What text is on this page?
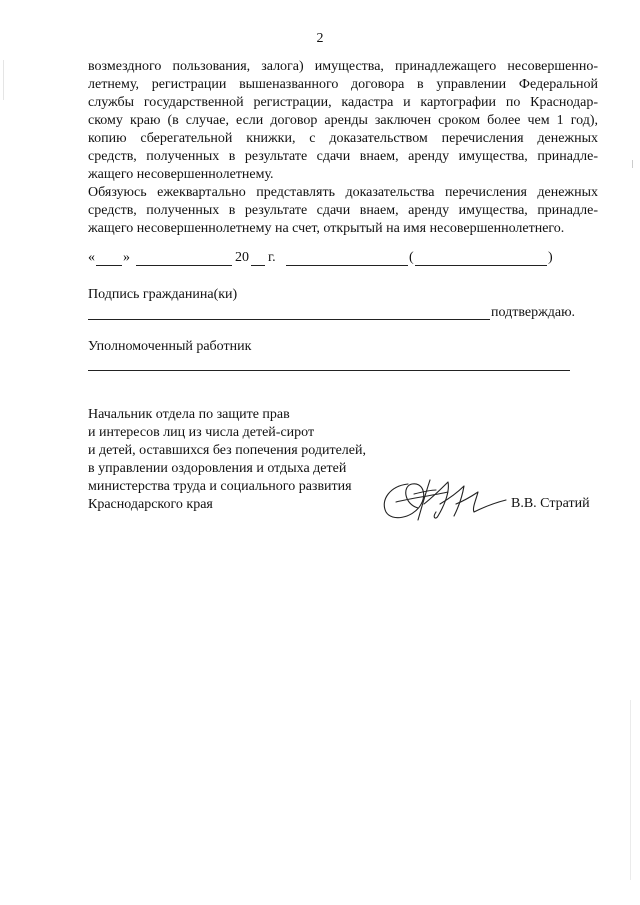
2

возмездного пользования, залога) имущества, принадлежащего несовершенно-
летнему, регистрации вышеназванного договора в управлении Федеральной
службы государственной регистрации, кадастра и картографии по Краснодар-
скому краю (в случае, если договор аренды заключен сроком более чем 1 год),
копию сберегательной книжки, с доказательством перечисления денежных
средств, полученных в результате сдачи внаем, аренду имущества, принадле-
жащего несовершеннолетнему.

Обязуюсь ежеквартально представлять доказательства перечисления денежных
средств, полученных в результате сдачи внаем, аренду имущества, принадле-
жащего несовершеннолетнему на счет, открытый на имя несовершеннолетнего.

« »	20 г.	(	)
Подпись гражданина(ки)
подтверждаю.
Уполномоченный работник
Начальник отдела по защите прав
и интересов лиц из числа детей-сирот
и детей, оставшихся без попечения родителей,
в управлении оздоровления и отдыха детей
министерства труда и социального развития
Краснодарского края	В.В. Стратий
